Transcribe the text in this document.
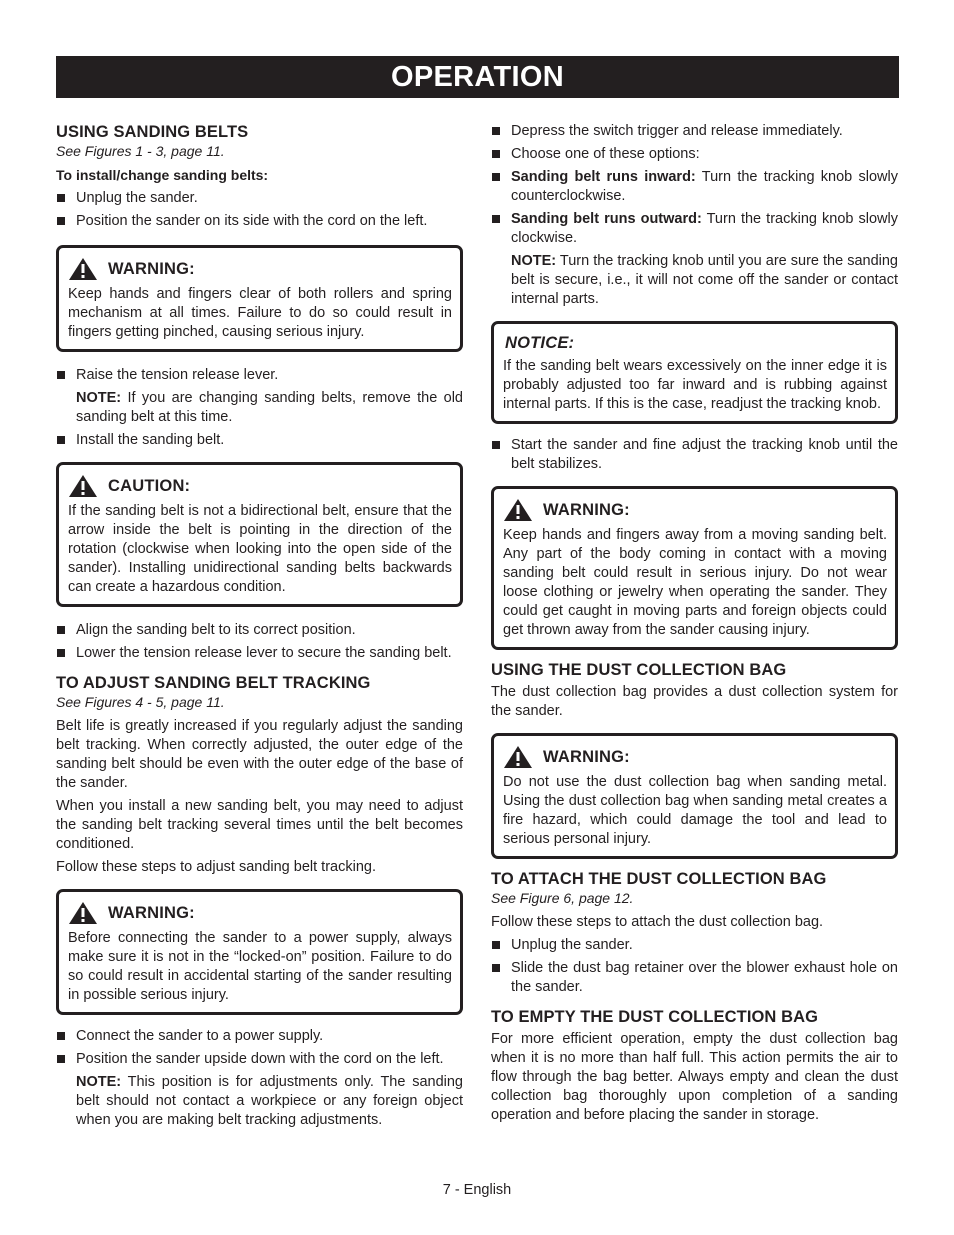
OPERATION
USING SANDING BELTS
See Figures 1 - 3, page 11.
To install/change sanding belts:
Unplug the sander.
Position the sander on its side with the cord on the left.
WARNING:

Keep hands and fingers clear of both rollers and spring mechanism at all times. Failure to do so could result in fingers getting pinched, causing serious injury.

Raise the tension release lever.
NOTE: If you are changing sanding belts, remove the old sanding belt at this time.
Install the sanding belt.
CAUTION:

If the sanding belt is not a bidirectional belt, ensure that the arrow inside the belt is pointing in the direction of the rotation (clockwise when looking into the open side of the sander). Installing unidirectional sanding belts backwards can create a hazardous condition.

Align the sanding belt to its correct position.
Lower the tension release lever to secure the sanding belt.
TO ADJUST SANDING BELT TRACKING
See Figures 4 - 5, page 11.

Belt life is greatly increased if you regularly adjust the sanding belt tracking. When correctly adjusted, the outer edge of the sanding belt should be even with the outer edge of the base of the sander.

When you install a new sanding belt, you may need to adjust the sanding belt tracking several times until the belt becomes conditioned.

Follow these steps to adjust sanding belt tracking.

WARNING:

Before connecting the sander to a power supply, always make sure it is not in the “locked-on” position. Failure to do so could result in accidental starting of the sander resulting in possible serious injury.

Connect the sander to a power supply.
Position the sander upside down with the cord on the left.
NOTE: This position is for adjustments only. The sanding belt should not contact a workpiece or any foreign object when you are making belt tracking adjustments.
Depress the switch trigger and release immediately.
Choose one of these options:
Sanding belt runs inward: Turn the tracking knob slowly counterclockwise.
Sanding belt runs outward: Turn the tracking knob slowly clockwise.
NOTE: Turn the tracking knob until you are sure the sanding belt is secure, i.e., it will not come off the sander or contact internal parts.
NOTICE:

If the sanding belt wears excessively on the inner edge it is probably adjusted too far inward and is rubbing against internal parts. If this is the case, readjust the tracking knob.

Start the sander and fine adjust the tracking knob until the belt stabilizes.
WARNING:

Keep hands and fingers away from a moving sanding belt. Any part of the body coming in contact with a moving sanding belt could result in serious injury. Do not wear loose clothing or jewelry when operating the sander. They could get caught in moving parts and foreign objects could get thrown away from the sander causing injury.

USING THE DUST COLLECTION BAG

The dust collection bag provides a dust collection system for the sander.

WARNING:

Do not use the dust collection bag when sanding metal. Using the dust collection bag when sanding metal creates a fire hazard, which could damage the tool and lead to serious personal injury.

TO ATTACH THE DUST COLLECTION BAG
See Figure 6, page 12.

Follow these steps to attach the dust collection bag.

Unplug the sander.
Slide the dust bag retainer over the blower exhaust hole on the sander.
TO EMPTY THE DUST COLLECTION BAG

For more efficient operation, empty the dust collection bag when it is no more than half full. This action permits the air to flow through the bag better. Always empty and clean the dust collection bag thoroughly upon completion of a sanding operation and before placing the sander in storage.

7 - English
